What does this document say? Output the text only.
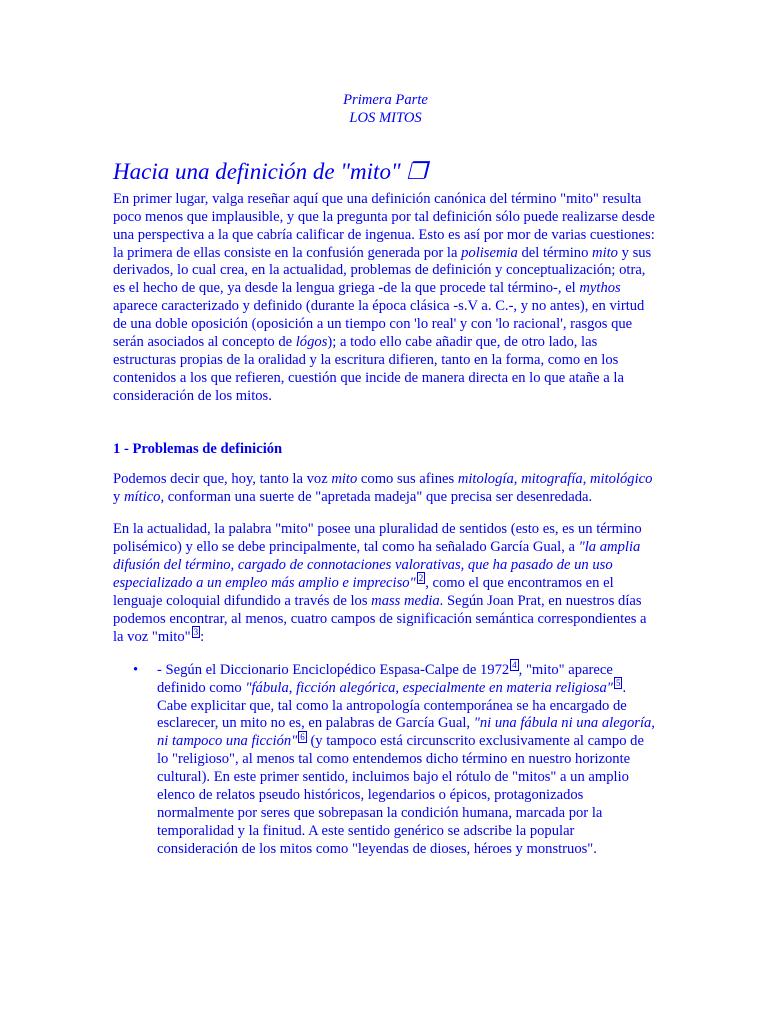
Primera Parte
LOS MITOS
Hacia una definición de "mito" ❐

En primer lugar, valga reseñar aquí que una definición canónica del término "mito" resulta poco menos que implausible, y que la pregunta por tal definición sólo puede realizarse desde una perspectiva a la que cabría calificar de ingenua. Esto es así por mor de varias cuestiones: la primera de ellas consiste en la confusión generada por la polisemia del término mito y sus derivados, lo cual crea, en la actualidad, problemas de definición y conceptualización; otra, es el hecho de que, ya desde la lengua griega -de la que procede tal término-, el mythos aparece caracterizado y definido (durante la época clásica -s.V a. C.-, y no antes), en virtud de una doble oposición (oposición a un tiempo con 'lo real' y con 'lo racional', rasgos que serán asociados al concepto de lógos); a todo ello cabe añadir que, de otro lado, las estructuras propias de la oralidad y la escritura difieren, tanto en la forma, como en los contenidos a los que refieren, cuestión que incide de manera directa en lo que atañe a la consideración de los mitos.

1 - Problemas de definición

Podemos decir que, hoy, tanto la voz mito como sus afines mitología, mitografía, mitológico y mítico, conforman una suerte de "apretada madeja" que precisa ser desenredada.

En la actualidad, la palabra "mito" posee una pluralidad de sentidos (esto es, es un término polisémico) y ello se debe principalmente, tal como ha señalado García Gual, a "la amplia difusión del término, cargado de connotaciones valorativas, que ha pasado de un uso especializado a un empleo más amplio e impreciso" $^2$ , como el que encontramos en el lenguaje coloquial difundido a través de los mass media. Según Joan Prat, en nuestros días podemos encontrar, al menos, cuatro campos de significación semántica correspondientes a la voz "mito" $^3$ :

• - Según el Diccionario Enciclopédico Espasa-Calpe de 1972 $^4$ , "mito" aparece definido como "fábula, ficción alegórica, especialmente en materia religiosa" $^5$ . Cabe explicitar que, tal como la antropología contemporánea se ha encargado de esclarecer, un mito no es, en palabras de García Gual, "ni una fábula ni una alegoría, ni tampoco una ficción" $^6$ (y tampoco está circunscrito exclusivamente al campo de lo "religioso", al menos tal como entendemos dicho término en nuestro horizonte cultural). En este primer sentido, incluimos bajo el rótulo de "mitos" a un amplio elenco de relatos pseudo históricos, legendarios o épicos, protagonizados normalmente por seres que sobrepasan la condición humana, marcada por la temporalidad y la finitud. A este sentido genérico se adscribe la popular consideración de los mitos como "leyendas de dioses, héroes y monstruos".
